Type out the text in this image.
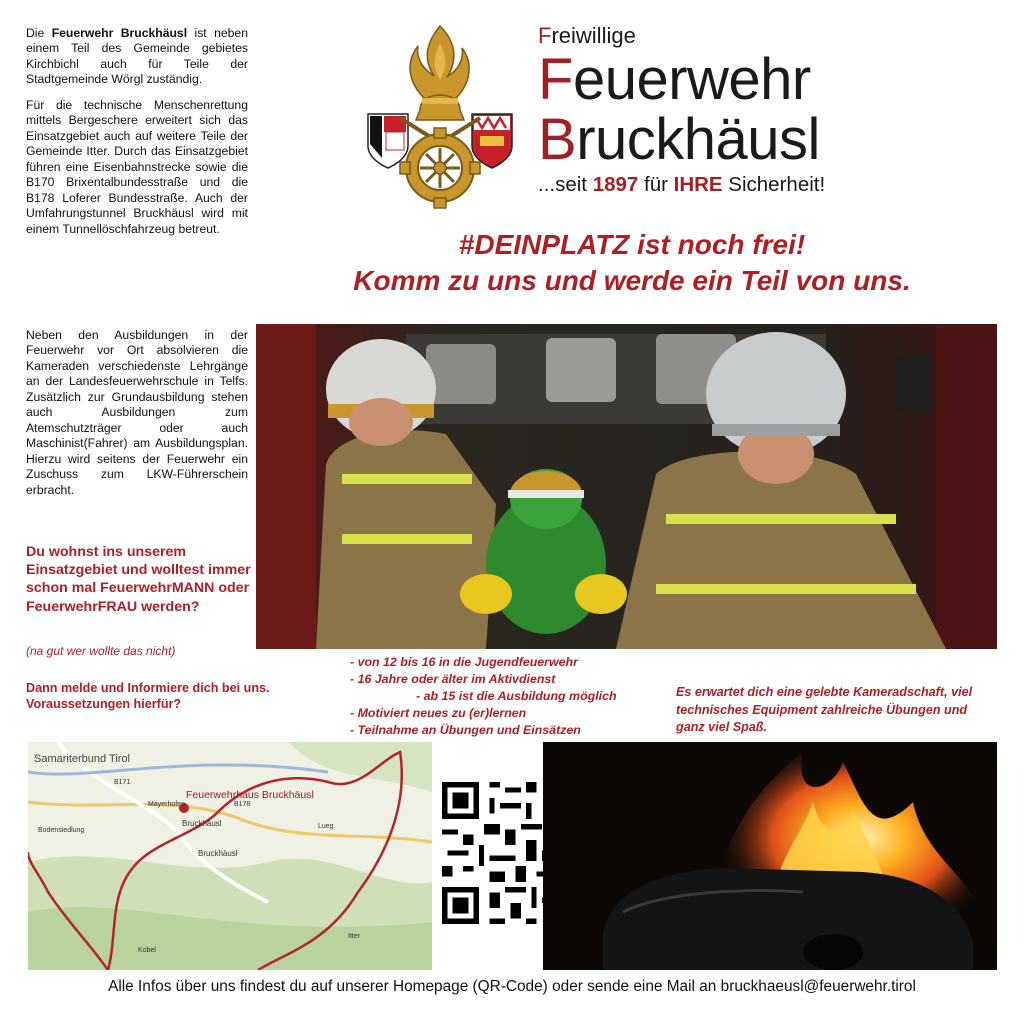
Die Feuerwehr Bruckhäusl ist neben einem Teil des Gemeinde gebietes Kirchbichl auch für Teile der Stadtgemeinde Wörgl zuständig.

Für die technische Menschenrettung mittels Bergeschere erweitert sich das Einsatzgebiet auch auf weitere Teile der Gemeinde Itter. Durch das Einsatzgebiet führen eine Eisenbahnstrecke sowie die B170 Brixentalbundesstraße und die B178 Loferer Bundesstraße. Auch der Umfahrungstunnel Bruckhäusl wird mit einem Tunnellöschfahrzeug betreut.

Neben den Ausbildungen in der Feuerwehr vor Ort absolvieren die Kameraden verschiedenste Lehrgänge an der Landesfeuerwehrschule in Telfs. Zusätzlich zur Grundausbildung stehen auch Ausbildungen zum Atemschutzträger oder auch Maschinist(Fahrer) am Ausbildungsplan. Hierzu wird seitens der Feuerwehr ein Zuschuss zum LKW-Führerschein erbracht.
Du wohnst ins unserem Einsatzgebiet und wolltest immer schon mal FeuerwehrMANN oder FeuerwehrFRAU werden?
(na gut wer wollte das nicht)
Dann melde und Informiere dich bei uns.
Voraussetzungen hierfür?
Freiwillige
Feuerwehr
Bruckhäusl
...seit 1897 für IHRE Sicherheit!
#DEINPLATZ ist noch frei!
Komm zu uns und werde ein Teil von uns.
- von 12 bis 16 in die Jugendfeuerwehr
- 16 Jahre oder älter im Aktivdienst
- ab 15 ist die Ausbildung möglich
- Motiviert neues zu (er)lernen
- Teilnahme an Übungen und Einsätzen
Es erwartet dich eine gelebte Kameradschaft, viel technisches Equipment zahlreiche Übungen und ganz viel Spaß.
Samariterbund Tirol
Feuerwehrhaus Bruckhäusl
Bruckhäusl
Bruckhäusl
Mayerhofen
Bodensiedlung
Lueg
Itter
Kobel
B171
B178
Alle Infos über uns findest du auf unserer Homepage (QR-Code) oder sende eine Mail an bruckhaeusl@feuerwehr.tirol
